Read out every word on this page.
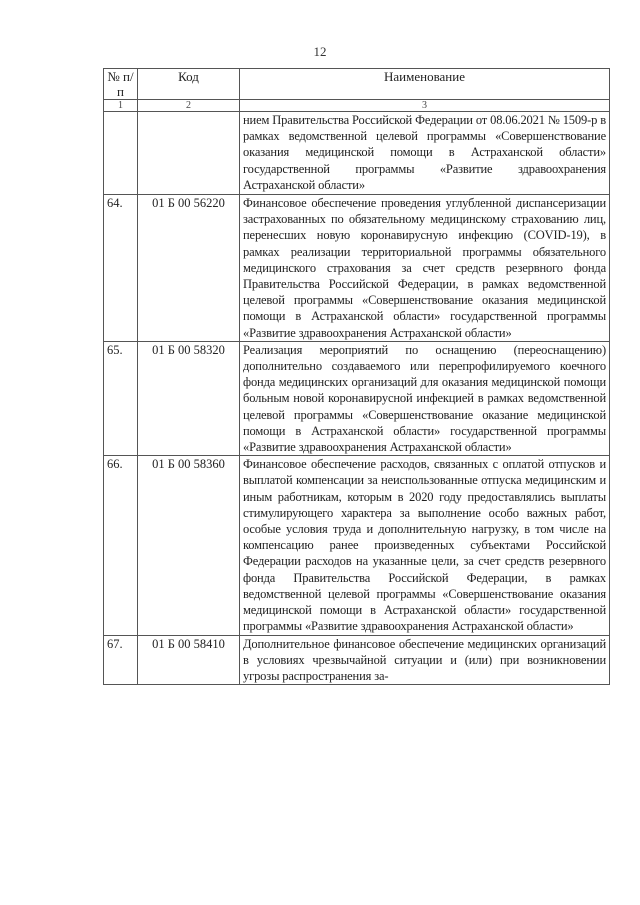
12
№ п/п	Код	Наименование
1	2	3
		нием Правительства Российской Федерации от 08.06.2021 № 1509-р в рамках ведомственной целевой программы «Совершенствование оказания медицинской помощи в Астраханской области» государственной программы «Развитие здравоохранения Астраханской области»
64.	01 Б 00 56220	Финансовое обеспечение проведения углубленной диспансеризации застрахованных по обязательному медицинскому страхованию лиц, перенесших новую коронавирусную инфекцию (COVID-19), в рамках реализации территориальной программы обязательного медицинского страхования за счет средств резервного фонда Правительства Российской Федерации, в рамках ведомственной целевой программы «Совершенствование оказания медицинской помощи в Астраханской области» государственной программы «Развитие здравоохранения Астраханской области»
65.	01 Б 00 58320	Реализация мероприятий по оснащению (переоснащению) дополнительно создаваемого или перепрофилируемого коечного фонда медицинских организаций для оказания медицинской помощи больным новой коронавирусной инфекцией в рамках ведомственной целевой программы «Совершенствование оказание медицинской помощи в Астраханской области» государственной программы «Развитие здравоохранения Астраханской области»
66.	01 Б 00 58360	Финансовое обеспечение расходов, связанных с оплатой отпусков и выплатой компенсации за неиспользованные отпуска медицинским и иным работникам, которым в 2020 году предоставлялись выплаты стимулирующего характера за выполнение особо важных работ, особые условия труда и дополнительную нагрузку, в том числе на компенсацию ранее произведенных субъектами Российской Федерации расходов на указанные цели, за счет средств резервного фонда Правительства Российской Федерации, в рамках ведомственной целевой программы «Совершенствование оказания медицинской помощи в Астраханской области» государственной программы «Развитие здравоохранения Астраханской области»
67.	01 Б 00 58410	Дополнительное финансовое обеспечение медицинских организаций в условиях чрезвычайной ситуации и (или) при возникновении угрозы распространения за-
